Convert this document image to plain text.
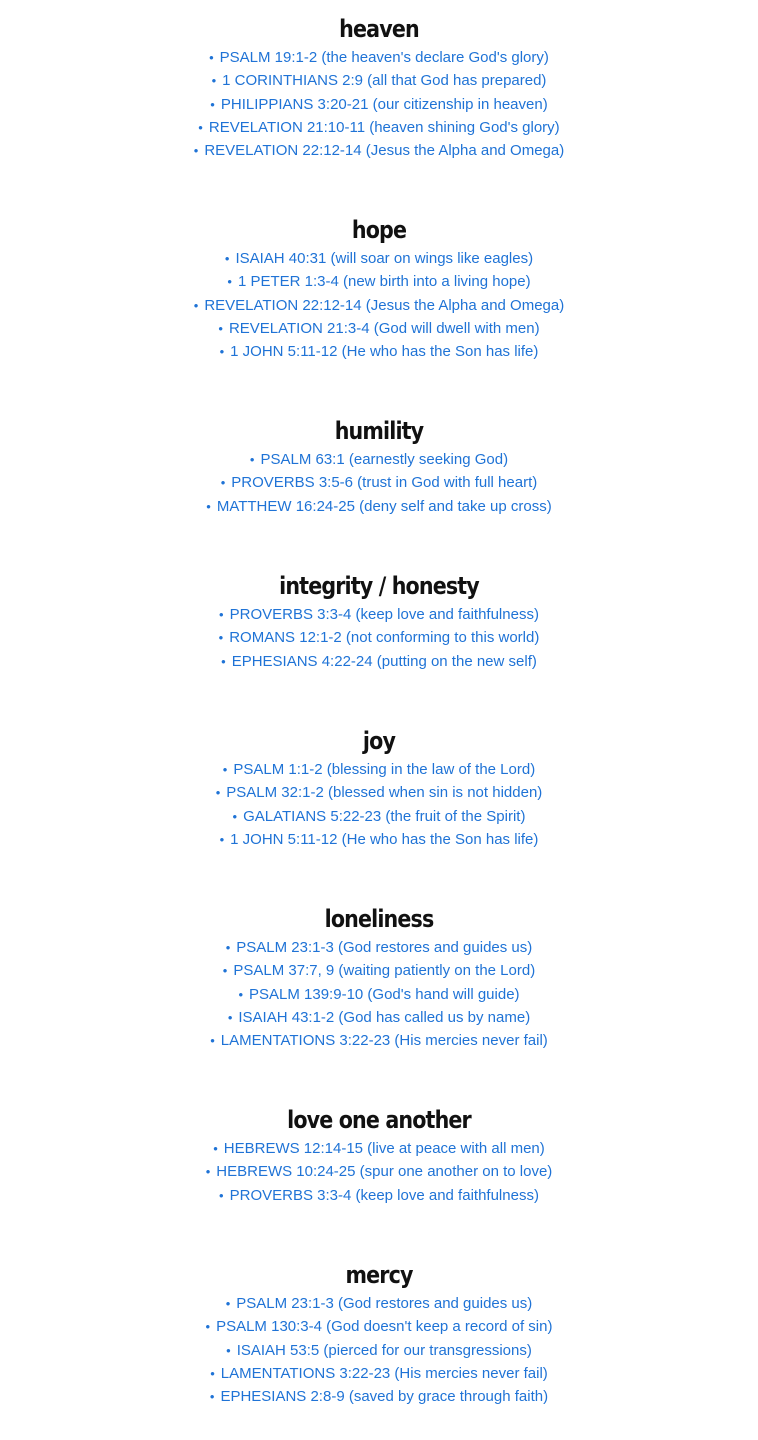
heaven
• PSALM 19:1-2 (the heaven's declare God's glory)
• 1 CORINTHIANS 2:9 (all that God has prepared)
• PHILIPPIANS 3:20-21 (our citizenship in heaven)
• REVELATION 21:10-11 (heaven shining God's glory)
• REVELATION 22:12-14 (Jesus the Alpha and Omega)
hope
• ISAIAH 40:31 (will soar on wings like eagles)
• 1 PETER 1:3-4 (new birth into a living hope)
• REVELATION 22:12-14 (Jesus the Alpha and Omega)
• REVELATION 21:3-4 (God will dwell with men)
• 1 JOHN 5:11-12 (He who has the Son has life)
humility
• PSALM 63:1 (earnestly seeking God)
• PROVERBS 3:5-6 (trust in God with full heart)
• MATTHEW 16:24-25 (deny self and take up cross)
integrity / honesty
• PROVERBS 3:3-4 (keep love and faithfulness)
• ROMANS 12:1-2 (not conforming to this world)
• EPHESIANS 4:22-24 (putting on the new self)
joy
• PSALM 1:1-2 (blessing in the law of the Lord)
• PSALM 32:1-2 (blessed when sin is not hidden)
• GALATIANS 5:22-23 (the fruit of the Spirit)
• 1 JOHN 5:11-12 (He who has the Son has life)
loneliness
• PSALM 23:1-3 (God restores and guides us)
• PSALM 37:7, 9 (waiting patiently on the Lord)
• PSALM 139:9-10 (God's hand will guide)
• ISAIAH 43:1-2 (God has called us by name)
• LAMENTATIONS 3:22-23 (His mercies never fail)
love one another
• HEBREWS 12:14-15 (live at peace with all men)
• HEBREWS 10:24-25 (spur one another on to love)
• PROVERBS 3:3-4 (keep love and faithfulness)
mercy
• PSALM 23:1-3 (God restores and guides us)
• PSALM 130:3-4 (God doesn't keep a record of sin)
• ISAIAH 53:5 (pierced for our transgressions)
• LAMENTATIONS 3:22-23 (His mercies never fail)
• EPHESIANS 2:8-9 (saved by grace through faith)
